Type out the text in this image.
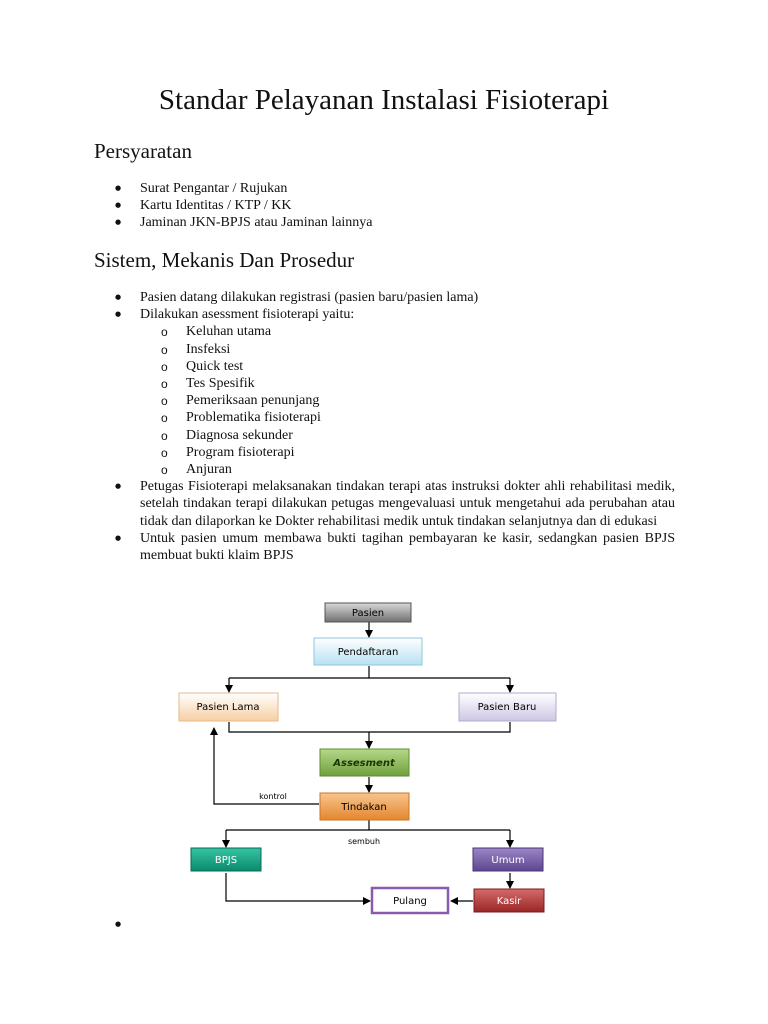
Standar Pelayanan Instalasi Fisioterapi
Persyaratan
● Surat Pengantar / Rujukan
● Kartu Identitas / KTP / KK
● Jaminan JKN-BPJS atau Jaminan lainnya
Sistem, Mekanis Dan Prosedur
● Pasien datang dilakukan registrasi (pasien baru/pasien lama)
● Dilakukan asessment fisioterapi yaitu:
o Keluhan utama
o Insfeksi
o Quick test
o Tes Spesifik
o Pemeriksaan penunjang
o Problematika fisioterapi
o Diagnosa sekunder
o Program fisioterapi
o Anjuran
● Petugas Fisioterapi melaksanakan tindakan terapi atas instruksi dokter ahli rehabilitasi medik, setelah tindakan terapi dilakukan petugas mengevaluasi untuk mengetahui ada perubahan atau tidak dan dilaporkan ke Dokter rehabilitasi medik untuk tindakan selanjutnya dan di edukasi
● Untuk pasien umum membawa bukti tagihan pembayaran ke kasir, sedangkan pasien BPJS membuat bukti klaim BPJS
Pasien
Pendaftaran
Pasien Lama	Pasien Baru
Assesment
Tindakan
kontrol
sembuh
BPJS	Umum
Pulang	Kasir
●
